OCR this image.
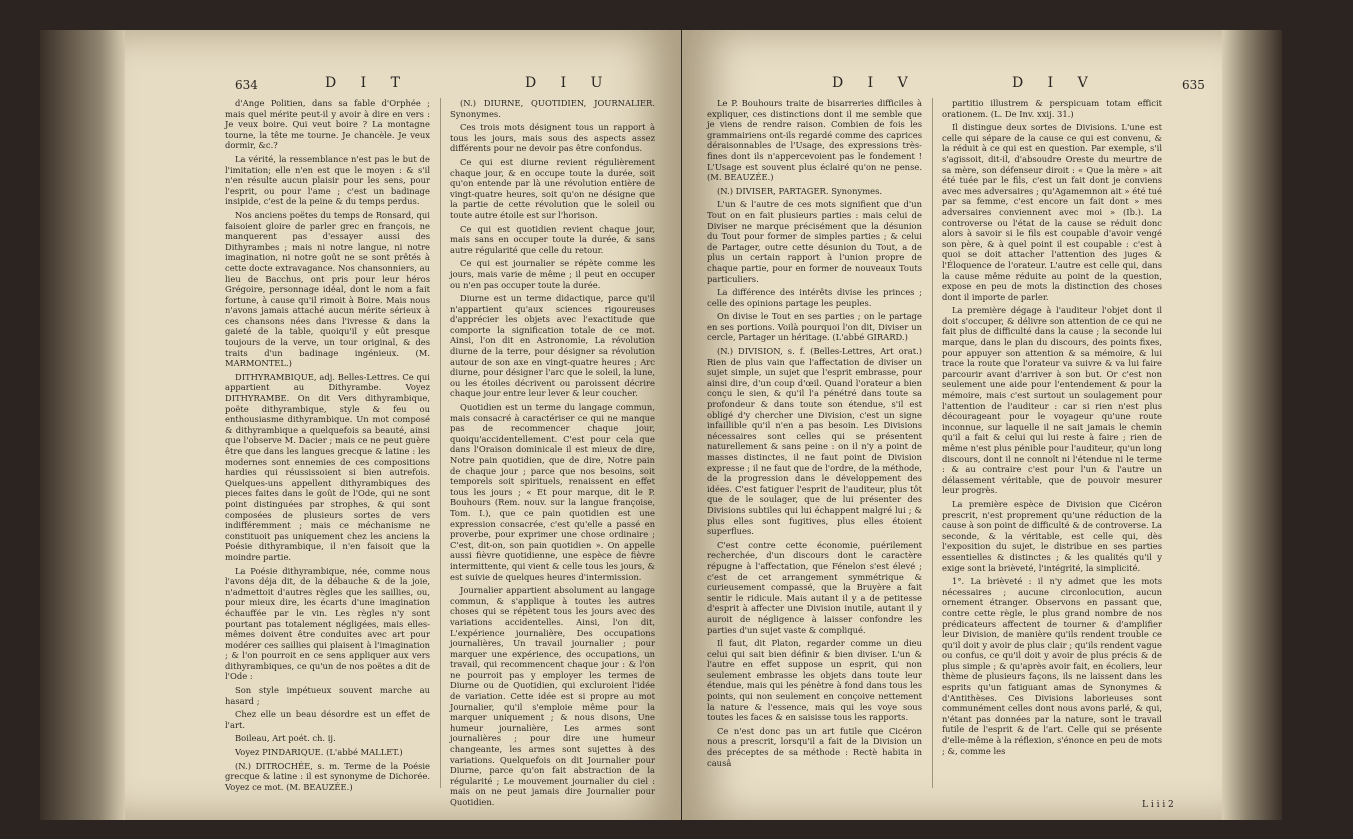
634	D I T	D I U

d'Ange Politien, dans sa fable d'Orphée ; mais quel mérite peut-il y avoir à dire en vers : Je veux boire. Qui veut boire ? La montagne tourne, la tête me tourne. Je chancèle. Je veux dormir, &c.?

La vérité, la ressemblance n'est pas le but de l'imitation; elle n'en est que le moyen : & s'il n'en résulte aucun plaisir pour les sens, pour l'esprit, ou pour l'ame ; c'est un badinage insipide, c'est de la peine & du temps perdus.

Nos anciens poëtes du temps de Ronsard, qui faisoient gloire de parler grec en françois, ne manquerent pas d'essayer aussi des Dithyrambes ; mais ni notre langue, ni notre imagination, ni notre goût ne se sont prêtés à cette docte extravagance. Nos chansonniers, au lieu de Bacchus, ont pris pour leur héros Grégoire, personnage idéal, dont le nom a fait fortune, à cause qu'il rimoit à Boire. Mais nous n'avons jamais attaché aucun mérite sérieux à ces chansons nées dans l'ivresse & dans la gaieté de la table, quoiqu'il y eût presque toujours de la verve, un tour original, & des traits d'un badinage ingénieux. (M. MARMONTEL.)

DITHYRAMBIQUE, adj. Belles-Lettres. Ce qui appartient au Dithyrambe. Voyez DITHYRAMBE. On dit Vers dithyrambique, poëte dithyrambique, style & feu ou enthousiasme dithyrambique. Un mot composé & dithyrambique a quelquefois sa beauté, ainsi que l'observe M. Dacier ; mais ce ne peut guère être que dans les langues grecque & latine : les modernes sont ennemies de ces compositions hardies qui réussissoient si bien autrefois. Quelques-uns appellent dithyrambiques des pieces faites dans le goût de l'Ode, qui ne sont point distinguées par strophes, & qui sont composées de plusieurs sortes de vers indifféremment ; mais ce méchanisme ne constituoit pas uniquement chez les anciens la Poésie dithyrambique, il n'en faisoit que la moindre partie.

La Poésie dithyrambique, née, comme nous l'avons déja dit, de la débauche & de la joie, n'admettoit d'autres règles que les saillies, ou, pour mieux dire, les écarts d'une imagination échauffée par le vin. Les règles n'y sont pourtant pas totalement négligées, mais elles-mêmes doivent être conduites avec art pour modérer ces saillies qui plaisent à l'imagination ; & l'on pourroit en ce sens appliquer aux vers dithyrambiques, ce qu'un de nos poëtes a dit de l'Ode :

Son style impétueux souvent marche au hasard ;

Chez elle un beau désordre est un effet de l'art.

Boileau, Art poét. ch. ij.

Voyez PINDARIQUE. (L'abbé MALLET.)

(N.) DITROCHÉE, s. m. Terme de la Poésie grecque & latine : il est synonyme de Dichorée. Voyez ce mot. (M. BEAUZÉE.)

(N.) DIURNE, QUOTIDIEN, JOURNALIER. Synonymes.

Ces trois mots désignent tous un rapport à tous les jours, mais sous des aspects assez différents pour ne devoir pas être confondus.

Ce qui est diurne revient régulièrement chaque jour, & en occupe toute la durée, soit qu'on entende par là une révolution entière de vingt-quatre heures, soit qu'on ne désigne que la partie de cette révolution que le soleil ou toute autre étoile est sur l'horison.

Ce qui est quotidien revient chaque jour, mais sans en occuper toute la durée, & sans autre régularité que celle du retour.

Ce qui est journalier se répète comme les jours, mais varie de même ; il peut en occuper ou n'en pas occuper toute la durée.

Diurne est un terme didactique, parce qu'il n'appartient qu'aux sciences rigoureuses d'apprécier les objets avec l'exactitude que comporte la signification totale de ce mot. Ainsi, l'on dit en Astronomie, La révolution diurne de la terre, pour désigner sa révolution autour de son axe en vingt-quatre heures ; Arc diurne, pour désigner l'arc que le soleil, la lune, ou les étoiles décrivent ou paroissent décrire chaque jour entre leur lever & leur coucher.

Quotidien est un terme du langage commun, mais consacré à caractériser ce qui ne manque pas de recommencer chaque jour, quoiqu'accidentellement. C'est pour cela que dans l'Oraison dominicale il est mieux de dire, Notre pain quotidien, que de dire, Notre pain de chaque jour ; parce que nos besoins, soit temporels soit spirituels, renaissent en effet tous les jours ; « Et pour marque, dit le P. Bouhours (Rem. nouv. sur la langue françoise, Tom. I.), que ce pain quotidien est une expression consacrée, c'est qu'elle a passé en proverbe, pour exprimer une chose ordinaire ; C'est, dit-on, son pain quotidien ». On appelle aussi fièvre quotidienne, une espèce de fièvre intermittente, qui vient & celle tous les jours, & est suivie de quelques heures d'intermission.

Journalier appartient absolument au langage commun, & s'applique à toutes les autres choses qui se répètent tous les jours avec des variations accidentelles. Ainsi, l'on dit, L'expérience journalière, Des occupations journalières, Un travail journalier ; pour marquer une expérience, des occupations, un travail, qui recommencent chaque jour : & l'on ne pourroit pas y employer les termes de Diurne ou de Quotidien, qui excluroient l'idée de variation. Cette idée est si propre au mot Journalier, qu'il s'emploie même pour la marquer uniquement ; & nous disons, Une humeur journalière, Les armes sont journalières ; pour dire une humeur changeante, les armes sont sujettes à des variations. Quelquefois on dit Journalier pour Diurne, parce qu'on fait abstraction de la régularité ; Le mouvement journalier du ciel : mais on ne peut jamais dire Journalier pour Quotidien.

D I V	D I V	635

Le P. Bouhours traite de bisarreries difficiles à expliquer, ces distinctions dont il me semble que je viens de rendre raison. Combien de fois les grammairiens ont-ils regardé comme des caprices déraisonnables de l'Usage, des expressions très-fines dont ils n'appercevoient pas le fondement ! L'Usage est souvent plus éclairé qu'on ne pense. (M. BEAUZÉE.)

(N.) DIVISER, PARTAGER. Synonymes.

L'un & l'autre de ces mots signifient que d'un Tout on en fait plusieurs parties : mais celui de Diviser ne marque précisément que la désunion du Tout pour former de simples parties ; & celui de Partager, outre cette désunion du Tout, a de plus un certain rapport à l'union propre de chaque partie, pour en former de nouveaux Touts particuliers.

La différence des intérêts divise les princes ; celle des opinions partage les peuples.

On divise le Tout en ses parties ; on le partage en ses portions. Voilà pourquoi l'on dit, Diviser un cercle, Partager un héritage. (L'abbé GIRARD.)

(N.) DIVISION, s. f. (Belles-Lettres, Art orat.) Rien de plus vain que l'affectation de diviser un sujet simple, un sujet que l'esprit embrasse, pour ainsi dire, d'un coup d'œil. Quand l'orateur a bien conçu le sien, & qu'il l'a pénétré dans toute sa profondeur & dans toute son étendue, s'il est obligé d'y chercher une Division, c'est un signe infaillible qu'il n'en a pas besoin. Les Divisions nécessaires sont celles qui se présentent naturellement & sans peine : on il n'y a point de masses distinctes, il ne faut point de Division expresse ; il ne faut que de l'ordre, de la méthode, de la progression dans le développement des idées. C'est fatiguer l'esprit de l'auditeur, plus tôt que de le soulager, que de lui présenter des Divisions subtiles qui lui échappent malgré lui ; & plus elles sont fugitives, plus elles étoient superflues.

C'est contre cette économie, puérilement recherchée, d'un discours dont le caractère répugne à l'affectation, que Fénelon s'est élevé ; c'est de cet arrangement symmétrique & curieusement compassé, que la Bruyère a fait sentir le ridicule. Mais autant il y a de petitesse d'esprit à affecter une Division inutile, autant il y auroit de négligence à laisser confondre les parties d'un sujet vaste & compliqué.

Il faut, dit Platon, regarder comme un dieu celui qui sait bien définir & bien diviser. L'un & l'autre en effet suppose un esprit, qui non seulement embrasse les objets dans toute leur étendue, mais qui les pénètre à fond dans tous les points, qui non seulement en conçoive nettement la nature & l'essence, mais qui les voye sous toutes les faces & en saisisse tous les rapports.

Ce n'est donc pas un art futile que Cicéron nous a prescrit, lorsqu'il a fait de la Division un des préceptes de sa méthode : Rectè habita in causâ

partitio illustrem & perspicuam totam efficit orationem. (L. De Inv. xxij. 31.)

Il distingue deux sortes de Divisions. L'une est celle qui sépare de la cause ce qui est convenu, & la réduit à ce qui est en question. Par exemple, s'il s'agissoit, dit-il, d'absoudre Oreste du meurtre de sa mère, son défenseur diroit : « Que la mère » ait été tuée par le fils, c'est un fait dont je conviens avec mes adversaires ; qu'Agamemnon ait » été tué par sa femme, c'est encore un fait dont » mes adversaires conviennent avec moi » (Ib.). La controverse ou l'état de la cause se réduit donc alors à savoir si le fils est coupable d'avoir vengé son père, & à quel point il est coupable : c'est à quoi se doit attacher l'attention des juges & l'Éloquence de l'orateur. L'autre est celle qui, dans la cause même réduite au point de la question, expose en peu de mots la distinction des choses dont il importe de parler.

La première dégage à l'auditeur l'objet dont il doit s'occuper, & délivre son attention de ce qui ne fait plus de difficulté dans la cause ; la seconde lui marque, dans le plan du discours, des points fixes, pour appuyer son attention & sa mémoire, & lui trace la route que l'orateur va suivre & va lui faire parcourir avant d'arriver à son but. Or c'est non seulement une aide pour l'entendement & pour la mémoire, mais c'est surtout un soulagement pour l'attention de l'auditeur : car si rien n'est plus décourageant pour le voyageur qu'une route inconnue, sur laquelle il ne sait jamais le chemin qu'il a fait & celui qui lui reste à faire ; rien de même n'est plus pénible pour l'auditeur, qu'un long discours, dont il ne connoît ni l'étendue ni le terme : & au contraire c'est pour l'un & l'autre un délassement véritable, que de pouvoir mesurer leur progrès.

La première espèce de Division que Cicéron prescrit, n'est proprement qu'une réduction de la cause à son point de difficulté & de controverse. La seconde, & la véritable, est celle qui, dès l'exposition du sujet, le distribue en ses parties essentielles & distinctes ; & les qualités qu'il y exige sont la brièveté, l'intégrité, la simplicité.

1°. La brièveté : il n'y admet que les mots nécessaires ; aucune circonlocution, aucun ornement étranger. Observons en passant que, contre cette règle, le plus grand nombre de nos prédicateurs affectent de tourner & d'amplifier leur Division, de manière qu'ils rendent trouble ce qu'il doit y avoir de plus clair ; qu'ils rendent vague ou confus, ce qu'il doit y avoir de plus précis & de plus simple ; & qu'après avoir fait, en écoliers, leur thème de plusieurs façons, ils ne laissent dans les esprits qu'un fatiguant amas de Synonymes & d'Antithèses. Ces Divisions laborieuses sont communément celles dont nous avons parlé, & qui, n'étant pas données par la nature, sont le travail futile de l'esprit & de l'art. Celle qui se présente d'elle-même à la réflexion, s'énonce en peu de mots ; &, comme les

L i i i 2
